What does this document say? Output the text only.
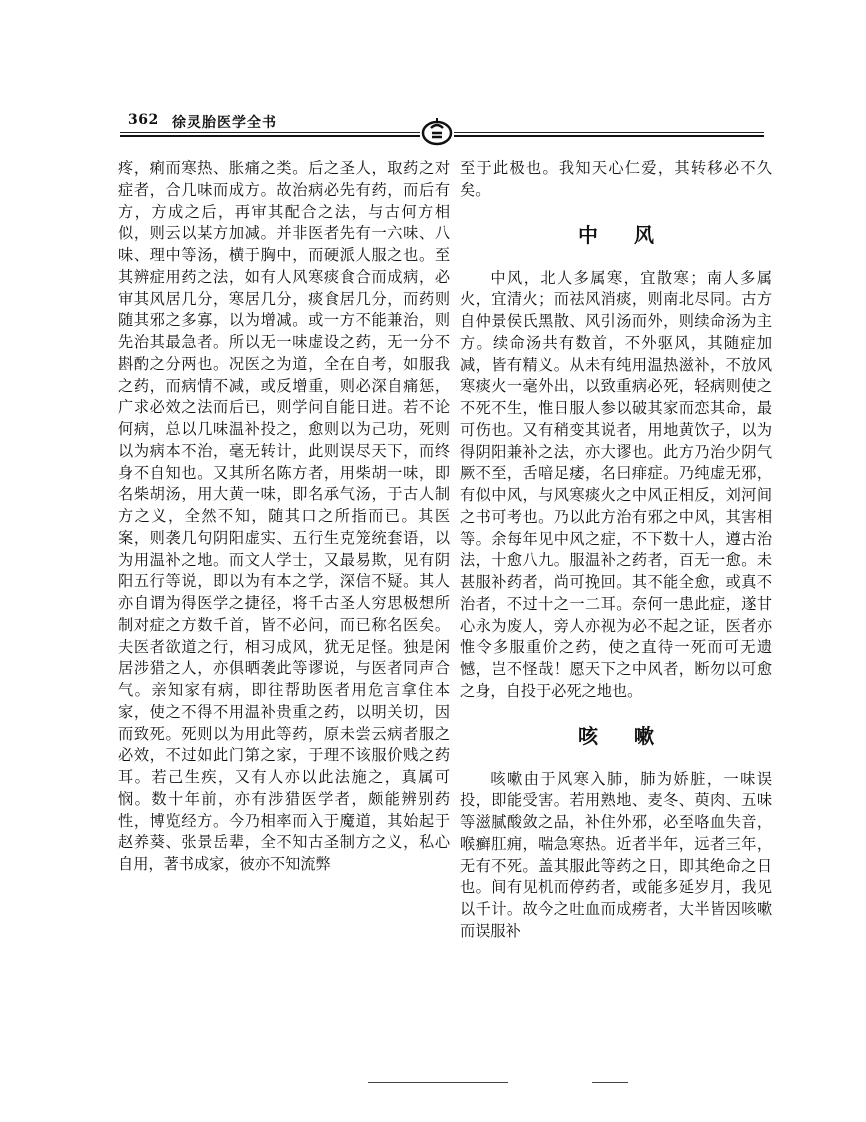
362 徐灵胎医学全书

疼，痢而寒热、胀痛之类。后之圣人，取药之对症者，合几味而成方。故治病必先有药，而后有方，方成之后，再审其配合之法，与古何方相似，则云以某方加减。并非医者先有一六味、八味、理中等汤，横于胸中，而硬派人服之也。至其辨症用药之法，如有人风寒痰食合而成病，必审其风居几分，寒居几分，痰食居几分，而药则随其邪之多寡，以为增减。或一方不能兼治，则先治其最急者。所以无一味虚设之药，无一分不斟酌之分两也。况医之为道，全在自考，如服我之药，而病情不减，或反增重，则必深自痛惩，广求必效之法而后已，则学问自能日进。若不论何病，总以几味温补投之，愈则以为己功，死则以为病本不治，毫无转计，此则误尽天下，而终身不自知也。又其所名陈方者，用柴胡一味，即名柴胡汤，用大黄一味，即名承气汤，于古人制方之义，全然不知，随其口之所指而已。其医案，则袭几句阴阳虚实、五行生克笼统套语，以为用温补之地。而文人学士，又最易欺，见有阴阳五行等说，即以为有本之学，深信不疑。其人亦自谓为得医学之捷径，将千古圣人穷思极想所制对症之方数千首，皆不必问，而已称名医矣。夫医者欲道之行，相习成风，犹无足怪。独是闲居涉猎之人，亦俱晒袭此等谬说，与医者同声合气。亲知家有病，即往帮助医者用危言拿住本家，使之不得不用温补贵重之药，以明关切，因而致死。死则以为用此等药，原未尝云病者服之必效，不过如此门第之家，于理不该服价贱之药耳。若己生疾，又有人亦以此法施之，真属可悯。数十年前，亦有涉猎医学者，颇能辨别药性，博览经方。今乃相率而入于魔道，其始起于赵养葵、张景岳辈，全不知古圣制方之义，私心自用，著书成家，彼亦不知流弊

至于此极也。我知天心仁爱，其转移必不久矣。

中 风

中风，北人多属寒，宜散寒；南人多属火，宜清火；而祛风消痰，则南北尽同。古方自仲景侯氏黑散、风引汤而外，则续命汤为主方。续命汤共有数首，不外驱风，其随症加减，皆有精义。从未有纯用温热滋补，不放风寒痰火一毫外出，以致重病必死，轻病则使之不死不生，惟日服人参以破其家而恋其命，最可伤也。又有稍变其说者，用地黄饮子，以为得阴阳兼补之法，亦大谬也。此方乃治少阴气厥不至，舌喑足痿，名曰痱症。乃纯虚无邪，有似中风，与风寒痰火之中风正相反，刘河间之书可考也。乃以此方治有邪之中风，其害相等。余每年见中风之症，不下数十人，遵古治法，十愈八九。服温补之药者，百无一愈。未甚服补药者，尚可挽回。其不能全愈，或真不治者，不过十之一二耳。奈何一患此症，遂甘心永为废人，旁人亦视为必不起之证，医者亦惟令多服重价之药，使之直待一死而可无遗憾，岂不怪哉！愿天下之中风者，断勿以可愈之身，自投于必死之地也。

咳 嗽

咳嗽由于风寒入肺，肺为娇脏，一味误投，即能受害。若用熟地、麦冬、萸肉、五味等滋腻酸敛之品，补住外邪，必至咯血失音，喉癣肛痈，喘急寒热。近者半年，远者三年，无有不死。盖其服此等药之日，即其绝命之日也。间有见机而停药者，或能多延岁月，我见以千计。故今之吐血而成痨者，大半皆因咳嗽而误服补
